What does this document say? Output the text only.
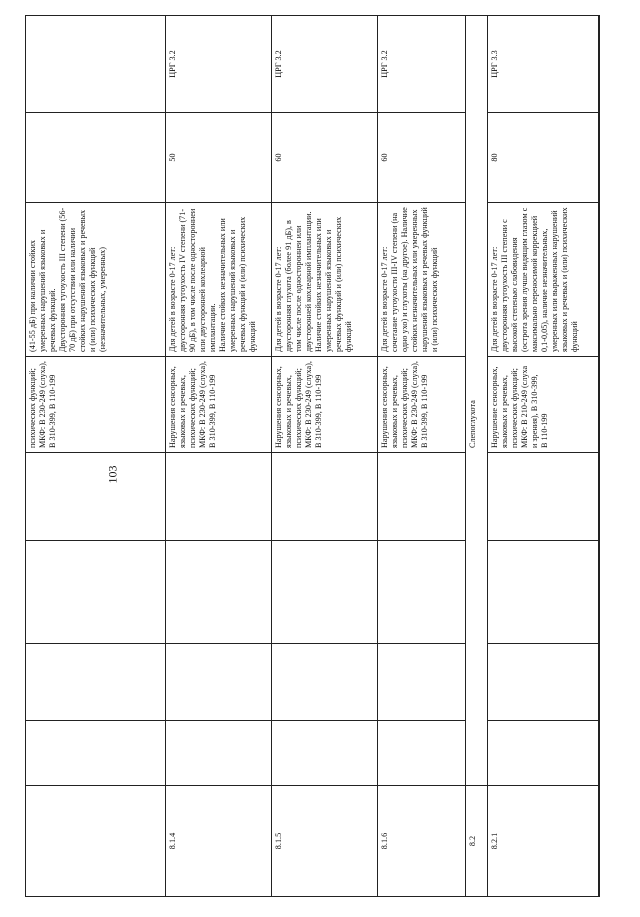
103
психических функций;
МКФ: В 230-249 (слуха),
В 310-399, В 110-199
(41-55 дБ) при наличии стойких умеренных нарушений языковых и речевых функций.
Двусторонняя тугоухость III степени (56-70 дБ) при отсутствии или наличии стойких нарушений языковых и речевых и (или) психических функций (незначительных, умеренных)
8.1.4
Нарушения сенсорных, языковых и речевых, психических функций;
МКФ: В 230-249 (слуха),
В 310-399, В 110-199
Для детей в возрасте 0-17 лет:
двусторонняя тугоухость IV степени (71-90 дБ), в том числе после одностороннеи или двусторонней кохлеарной имплантации.
Наличие стойких незначительных или умеренных нарушений языковых и речевых функций и (или) психических функций
50
ЦРГ 3.2
8.1.5
Нарушения сенсорных, языковых и речевых, психических функций;
МКФ: В 230-249 (слуха),
В 310-399, В 110-199
Для детей в возрасте 0-17 лет:
двусторонняя глухота (более 91 дБ), в том числе после одностороннеи или двусторонней кохлеарной имплантации.
Наличие стойких незначительных или умеренных нарушений языковых и речевых функций и (или) психических функций
60
ЦРГ 3.2
8.1.6
Нарушения сенсорных, языковых и речевых, психических функций;
МКФ: В 230-249 (слуха),
В 310-399, В 110-199
Для детей в возрасте 0-17 лет:
сочетание тугоухости III-IV степени (на одно ухо) и глухоты (на другое). Наличие стойких незначительных или умеренных нарушений языковых и речевых функций и (или) психических функций
60
ЦРГ 3.2
8.2
Слепоглухота
8.2.1
Нарушение сенсорных, языковых и речевых, психических функций;
МКФ: В 210-249 (слуха и зрения), В 310-399,
В 110-199
Для детей в возрасте 0-17 лет:
двусторонняя тугоухость III степени с высокой степенью слабовидения (острота зрения лучше видящим глазом с максимально переносимой коррекцией 0,1-0,05), наличие незначительных, умеренных или выраженных нарушений языковых и речевых и (или) психических функций
80
ЦРГ 3.3
